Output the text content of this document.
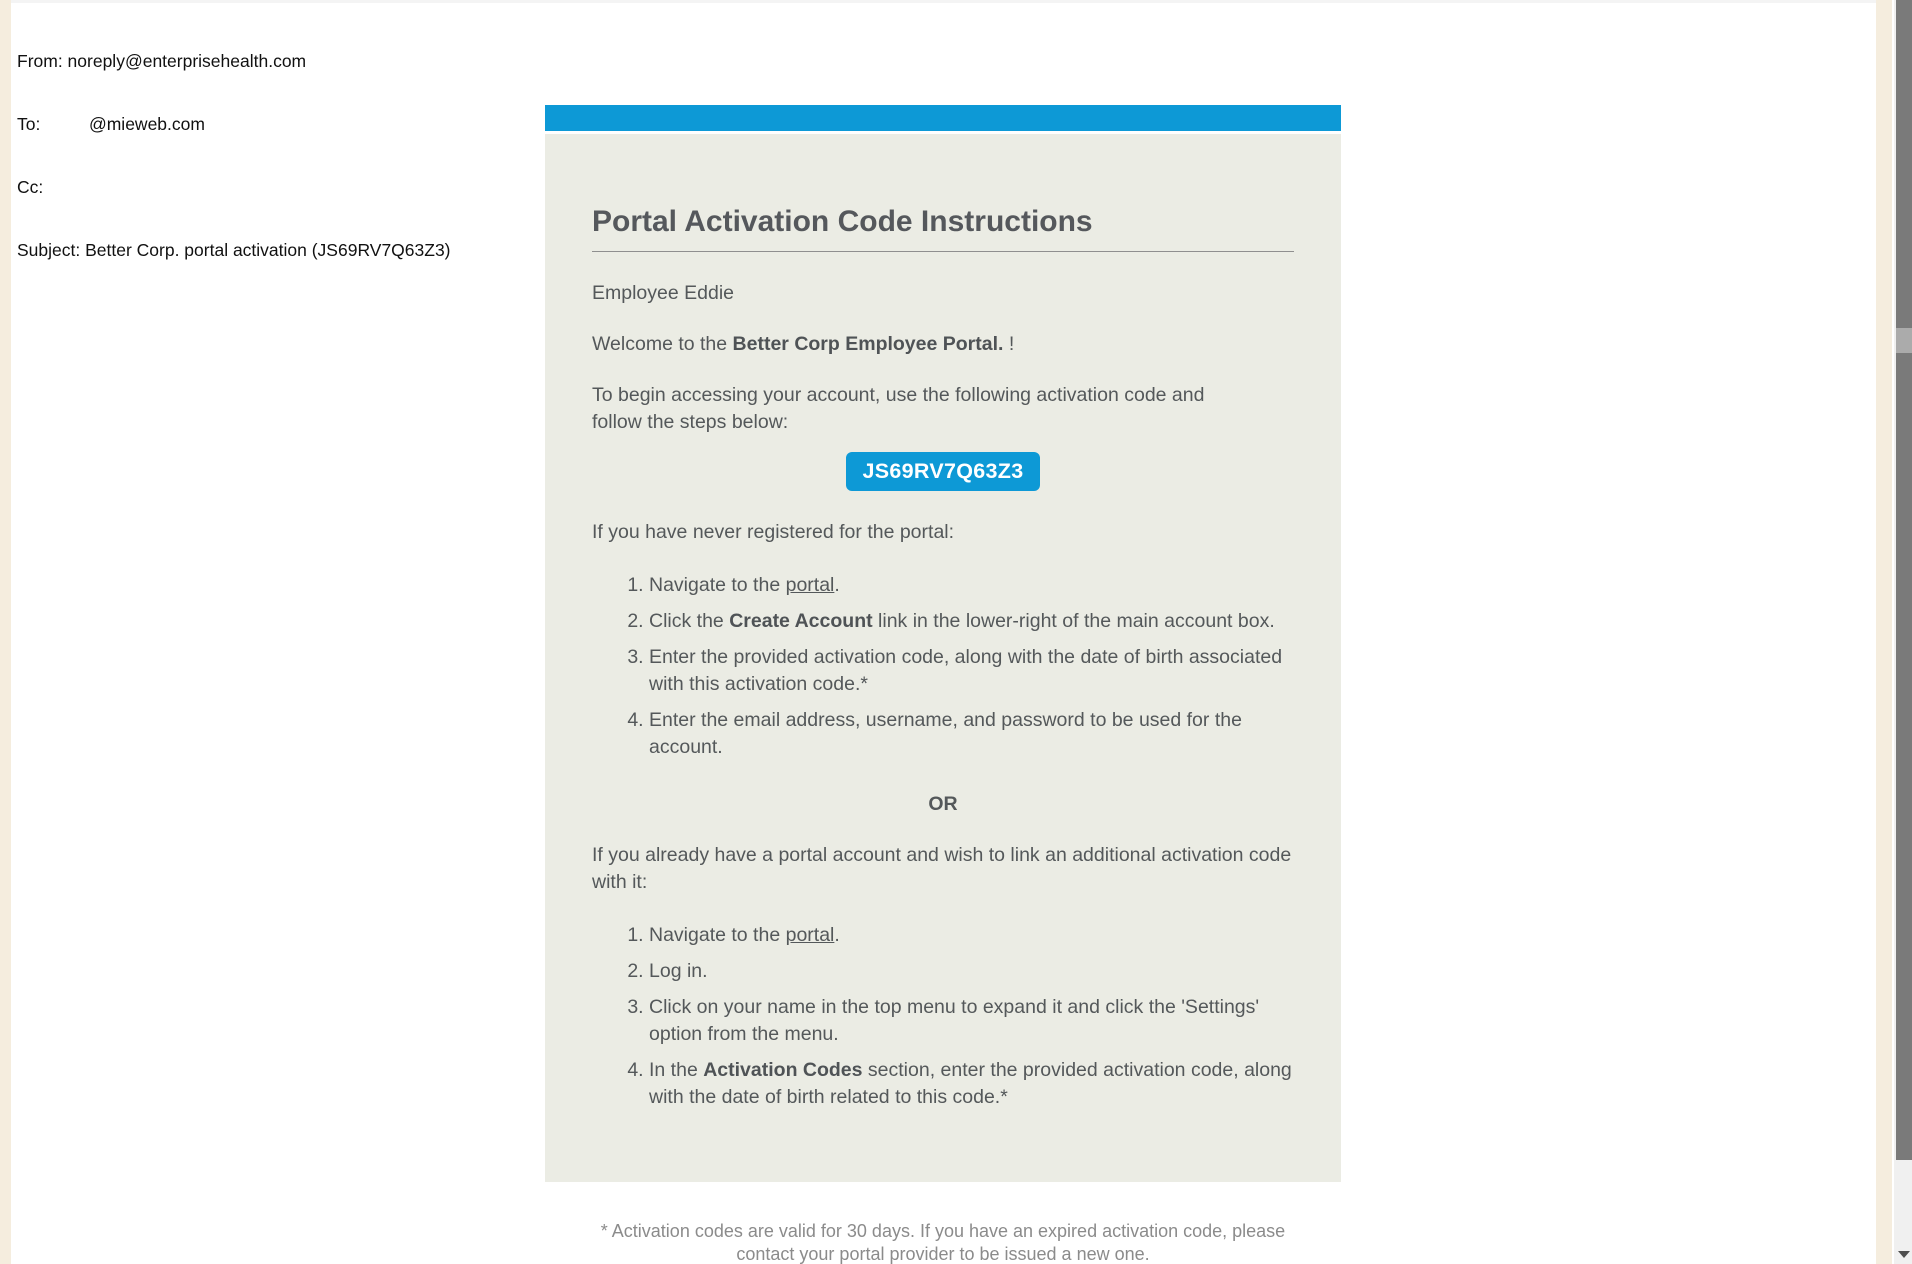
From: noreply@enterprisehealth.com

To:          @mieweb.com

Cc:

Subject: Better Corp. portal activation (JS69RV7Q63Z3)

Portal Activation Code Instructions

Employee Eddie

Welcome to the Better Corp Employee Portal. !

To begin accessing your account, use the following activation code and follow the steps below:

JS69RV7Q63Z3

If you have never registered for the portal:

1. Navigate to the portal.
2. Click the Create Account link in the lower-right of the main account box.
3. Enter the provided activation code, along with the date of birth associated with this activation code.*
4. Enter the email address, username, and password to be used for the account.

OR

If you already have a portal account and wish to link an additional activation code with it:

1. Navigate to the portal.
2. Log in.
3. Click on your name in the top menu to expand it and click the 'Settings' option from the menu.
4. In the Activation Codes section, enter the provided activation code, along with the date of birth related to this code.*

* Activation codes are valid for 30 days. If you have an expired activation code, please
contact your portal provider to be issued a new one.
